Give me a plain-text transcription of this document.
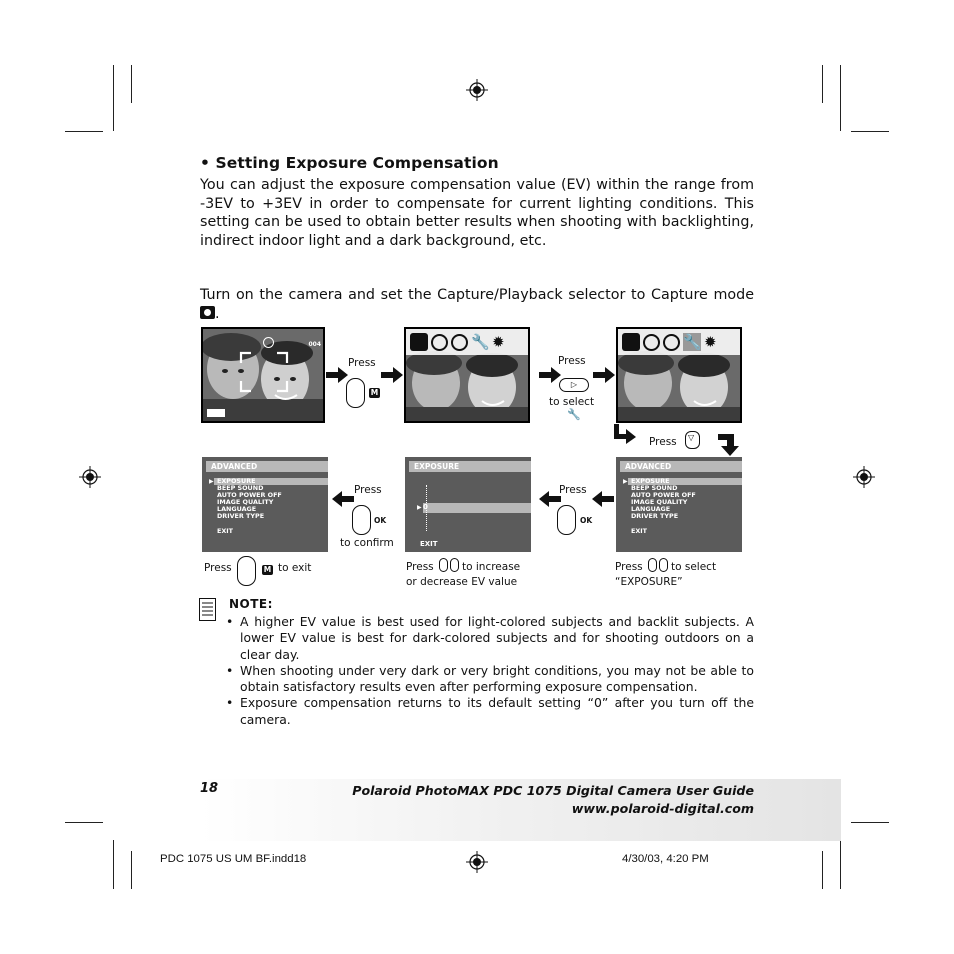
• Setting Exposure Compensation

You can adjust the exposure compensation value (EV) within the range from -3EV to +3EV in order to compensate for current lighting conditions. This setting can be used to obtain better results when shooting with backlighting, indirect indoor light and a dark background, etc.

Turn on the camera and set the Capture/Playback selector to Capture mode
.

004
Press
M
🔧 ✹
Press
▷
to select
🔧
🔧 ✹
Press ▽
ADVANCED
▶ EXPOSURE
BEEP SOUND
AUTO POWER OFF
IMAGE QUALITY
LANGUAGE
DRIVER TYPE
EXIT
Press
OK
to confirm
EXPOSURE
▶ 0
EXIT
Press
OK
ADVANCED
▶ EXPOSURE
BEEP SOUND
AUTO POWER OFF
IMAGE QUALITY
LANGUAGE
DRIVER TYPE
EXIT
Press	M to exit	Press	to increase
or decrease EV value
Press	to select
“EXPOSURE”
NOTE:
• A higher EV value is best used for light-colored subjects and backlit subjects. A lower EV value is best for dark-colored subjects and for shooting outdoors on a clear day.
• When shooting under very dark or very bright conditions, you may not be able to obtain satisfactory results even after performing exposure compensation.
• Exposure compensation returns to its default setting “0” after you turn off the camera.
18	Polaroid PhotoMAX PDC 1075 Digital Camera User Guide
www.polaroid-digital.com
PDC 1075 US UM BF.indd18	4/30/03, 4:20 PM
